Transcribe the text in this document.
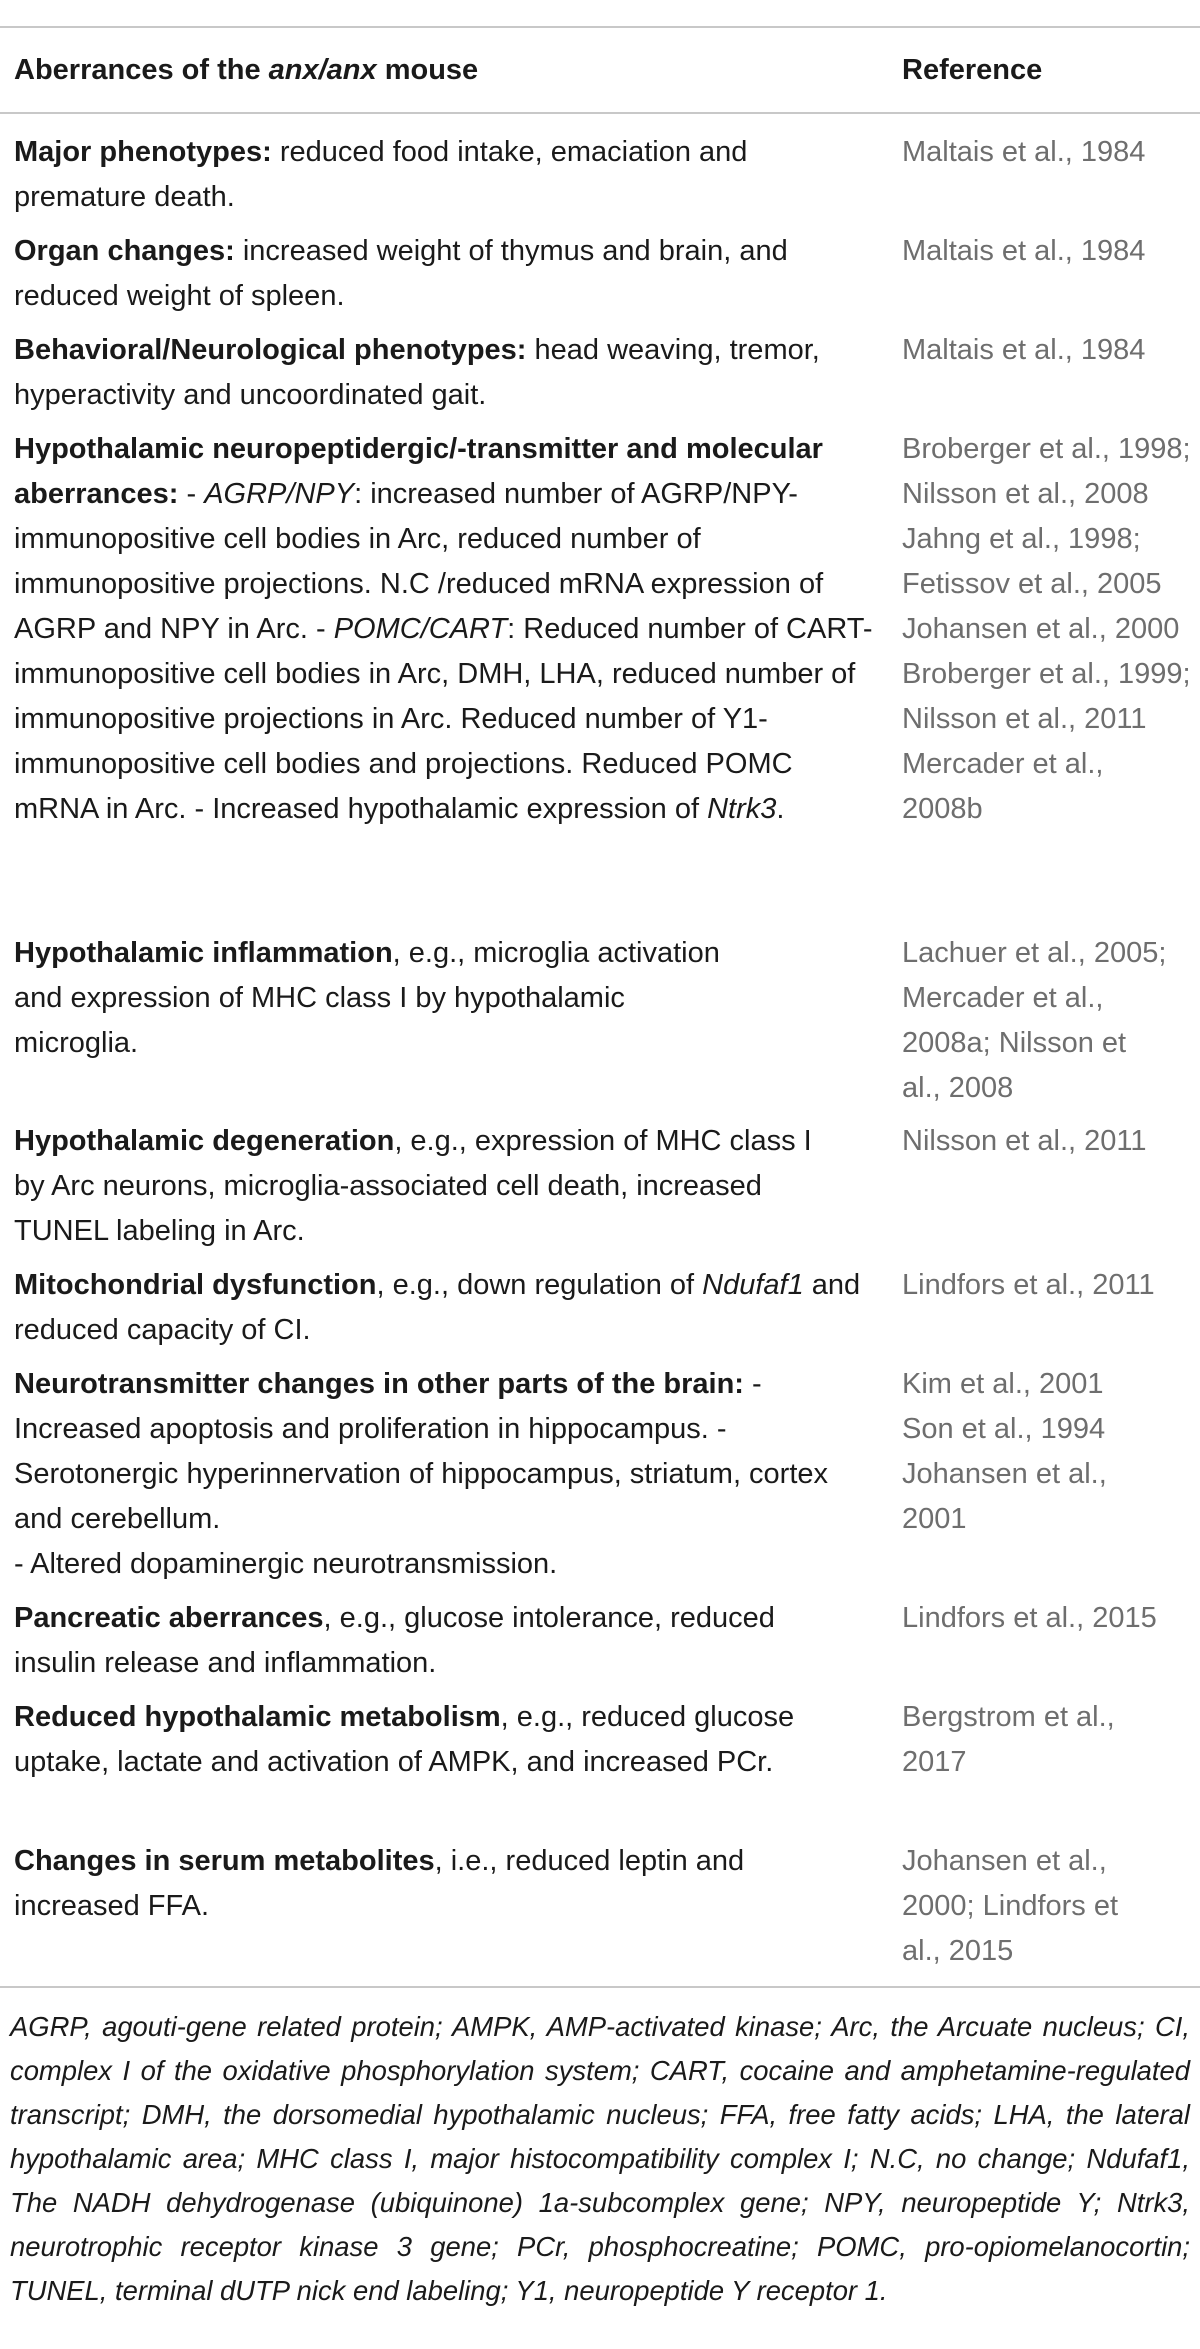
Aberrances of the anx/anx mouse	Reference
Major phenotypes: reduced food intake, emaciation and premature death.
Maltais et al., 1984
Organ changes: increased weight of thymus and brain, and reduced weight of spleen.
Maltais et al., 1984
Behavioral/Neurological phenotypes: head weaving, tremor, hyperactivity and uncoordinated gait.
Maltais et al., 1984
Hypothalamic neuropeptidergic/-transmitter and molecular aberrances: - AGRP/NPY: increased number of AGRP/NPY-immunopositive cell bodies in Arc, reduced number of immunopositive projections. N.C /reduced mRNA expression of AGRP and NPY in Arc. - POMC/CART: Reduced number of CART-immunopositive cell bodies in Arc, DMH, LHA, reduced number of immunopositive projections in Arc. Reduced number of Y1-immunopositive cell bodies and projections. Reduced POMC mRNA in Arc. - Increased hypothalamic expression of Ntrk3.
Broberger et al., 1998; Nilsson et al., 2008 Jahng et al., 1998; Fetissov et al., 2005 Johansen et al., 2000 Broberger et al., 1999; Nilsson et al., 2011 Mercader et al., 2008b
Hypothalamic inflammation, e.g., microglia activation and expression of MHC class I by hypothalamic microglia.
Lachuer et al., 2005; Mercader et al., 2008a; Nilsson et al., 2008
Hypothalamic degeneration, e.g., expression of MHC class I by Arc neurons, microglia-associated cell death, increased TUNEL labeling in Arc.
Nilsson et al., 2011
Mitochondrial dysfunction, e.g., down regulation of Ndufaf1 and reduced capacity of CI.
Lindfors et al., 2011
Neurotransmitter changes in other parts of the brain: - Increased apoptosis and proliferation in hippocampus. - Serotonergic hyperinnervation of hippocampus, striatum, cortex and cerebellum.
- Altered dopaminergic neurotransmission.
Kim et al., 2001 Son et al., 1994 Johansen et al., 2001
Pancreatic aberrances, e.g., glucose intolerance, reduced insulin release and inflammation.
Lindfors et al., 2015
Reduced hypothalamic metabolism, e.g., reduced glucose uptake, lactate and activation of AMPK, and increased PCr.
Bergstrom et al., 2017
Changes in serum metabolites, i.e., reduced leptin and increased FFA.
Johansen et al., 2000; Lindfors et al., 2015
AGRP, agouti-gene related protein; AMPK, AMP-activated kinase; Arc, the Arcuate nucleus; CI, complex I of the oxidative phosphorylation system; CART, cocaine and amphetamine-regulated transcript; DMH, the dorsomedial hypothalamic nucleus; FFA, free fatty acids; LHA, the lateral hypothalamic area; MHC class I, major histocompatibility complex I; N.C, no change; Ndufaf1, The NADH dehydrogenase (ubiquinone) 1a-subcomplex gene; NPY, neuropeptide Y; Ntrk3, neurotrophic receptor kinase 3 gene; PCr, phosphocreatine; POMC, pro-opiomelanocortin; TUNEL, terminal dUTP nick end labeling; Y1, neuropeptide Y receptor 1.
